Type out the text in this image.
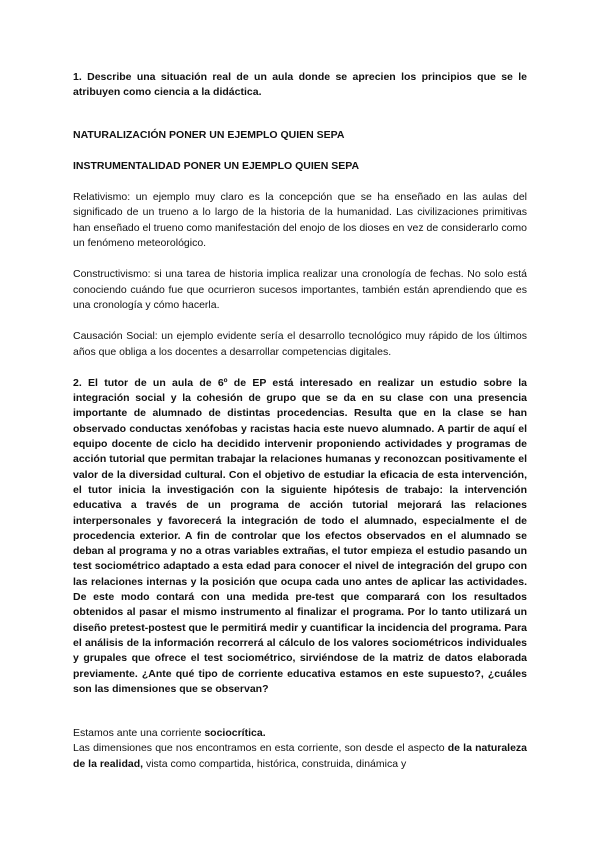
1. Describe una situación real de un aula donde se aprecien los principios que se le atribuyen como ciencia a la didáctica.

NATURALIZACIÓN PONER UN EJEMPLO QUIEN SEPA

INSTRUMENTALIDAD PONER UN EJEMPLO QUIEN SEPA

Relativismo: un ejemplo muy claro es la concepción que se ha enseñado en las aulas del significado de un trueno a lo largo de la historia de la humanidad. Las civilizaciones primitivas han enseñado el trueno como manifestación del enojo de los dioses en vez de considerarlo como un fenómeno meteorológico.

Constructivismo: si una tarea de historia implica realizar una cronología de fechas. No solo está conociendo cuándo fue que ocurrieron sucesos importantes, también están aprendiendo que es una cronología y cómo hacerla.

Causación Social: un ejemplo evidente sería el desarrollo tecnológico muy rápido de los últimos años que obliga a los docentes a desarrollar competencias digitales.

2. El tutor de un aula de 6º de EP está interesado en realizar un estudio sobre la integración social y la cohesión de grupo que se da en su clase con una presencia importante de alumnado de distintas procedencias. Resulta que en la clase se han observado conductas xenófobas y racistas hacia este nuevo alumnado. A partir de aquí el equipo docente de ciclo ha decidido intervenir proponiendo actividades y programas de acción tutorial que permitan trabajar la relaciones humanas y reconozcan positivamente el valor de la diversidad cultural. Con el objetivo de estudiar la eficacia de esta intervención, el tutor inicia la investigación con la siguiente hipótesis de trabajo: la intervención educativa a través de un programa de acción tutorial mejorará las relaciones interpersonales y favorecerá la integración de todo el alumnado, especialmente el de procedencia exterior. A fin de controlar que los efectos observados en el alumnado se deban al programa y no a otras variables extrañas, el tutor empieza el estudio pasando un test sociométrico adaptado a esta edad para conocer el nivel de integración del grupo con las relaciones internas y la posición que ocupa cada uno antes de aplicar las actividades. De este modo contará con una medida pre-test que comparará con los resultados obtenidos al pasar el mismo instrumento al finalizar el programa. Por lo tanto utilizará un diseño pretest-postest que le permitirá medir y cuantificar la incidencia del programa. Para el análisis de la información recorrerá al cálculo de los valores sociométricos individuales y grupales que ofrece el test sociométrico, sirviéndose de la matriz de datos elaborada previamente. ¿Ante qué tipo de corriente educativa estamos en este supuesto?, ¿cuáles son las dimensiones que se observan?

Estamos ante una corriente sociocrítica.

Las dimensiones que nos encontramos en esta corriente, son desde el aspecto de la naturaleza de la realidad, vista como compartida, histórica, construida, dinámica y
